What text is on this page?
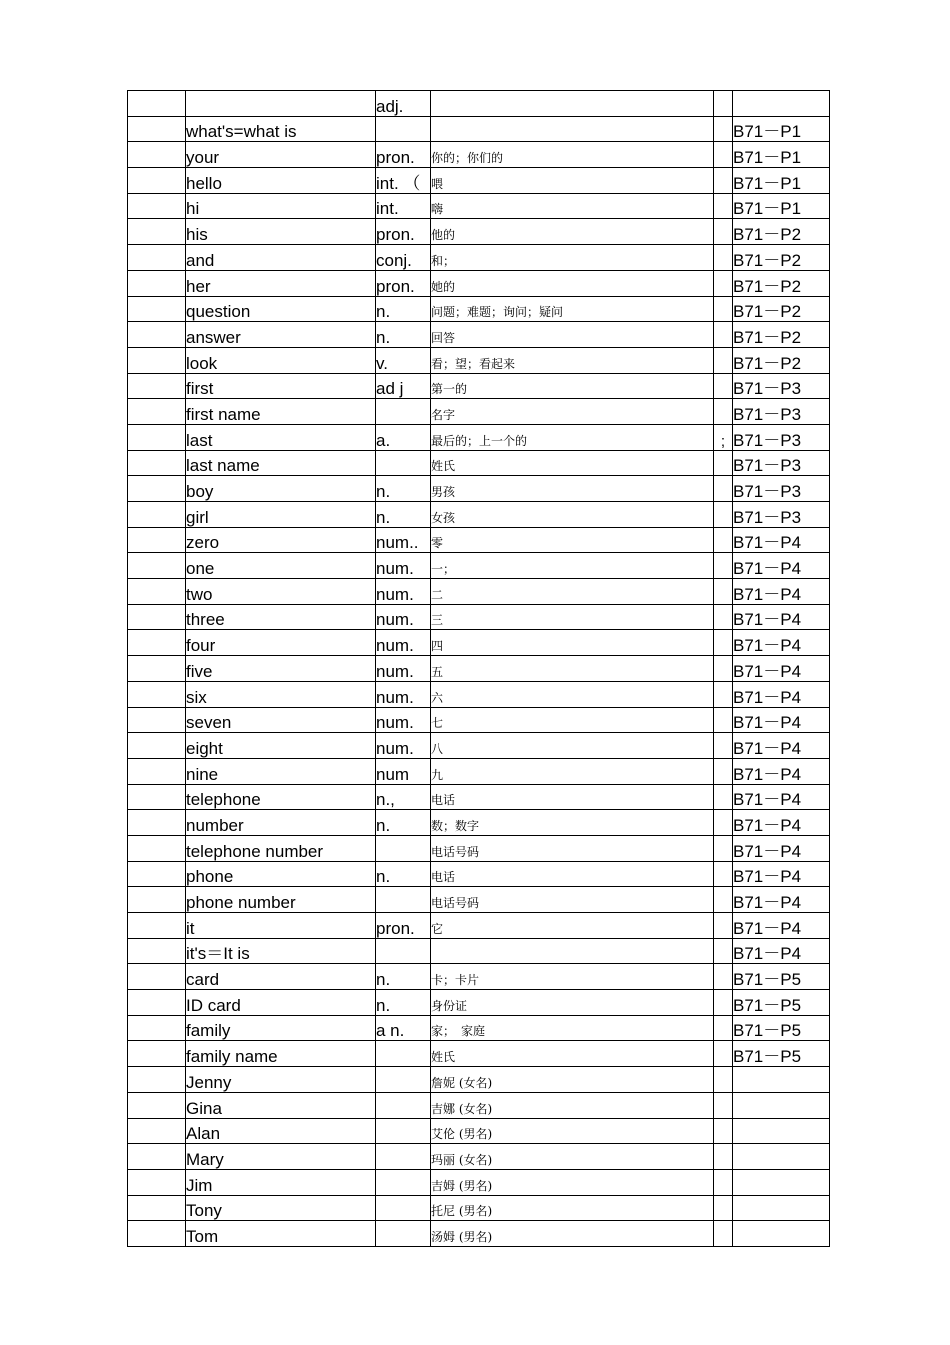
		adj.			
	what's=what is				B71－P1
	your	pron.	你的；你们的		B71－P1
	hello	int. （	喂		B71－P1
	hi	int.	嗨		B71－P1
	his	pron.	他的		B71－P2
	and	conj.	和；		B71－P2
	her	pron.	她的		B71－P2
	question	n.	问题；难题；询问；疑问		B71－P2
	answer	n.	回答		B71－P2
	look	v.	看；望；看起来		B71－P2
	first	ad j	第一的		B71－P3
	first name		名字		B71－P3
	last	a.	最后的；上一个的	;	B71－P3
	last name		姓氏		B71－P3
	boy	n.	男孩		B71－P3
	girl	n.	女孩		B71－P3
	zero	num..	零		B71－P4
	one	num.	一；		B71－P4
	two	num.	二		B71－P4
	three	num.	三		B71－P4
	four	num.	四		B71－P4
	five	num.	五		B71－P4
	six	num.	六		B71－P4
	seven	num.	七		B71－P4
	eight	num.	八		B71－P4
	nine	num	九		B71－P4
	telephone	n.,	电话		B71－P4
	number	n.	数；数字		B71－P4
	telephone number		电话号码		B71－P4
	phone	n.	电话		B71－P4
	phone number		电话号码		B71－P4
	it	pron.	它		B71－P4
	it's＝It is				B71－P4
	card	n.	卡；卡片		B71－P5
	ID card	n.	身份证		B71－P5
	family	a n.	家；　家庭		B71－P5
	family name		姓氏		B71－P5
	Jenny		詹妮 (女名)		
	Gina		吉娜 (女名)		
	Alan		艾伦 (男名)		
	Mary		玛丽 (女名)		
	Jim		吉姆 (男名)		
	Tony		托尼 (男名)		
	Tom		汤姆 (男名)		
